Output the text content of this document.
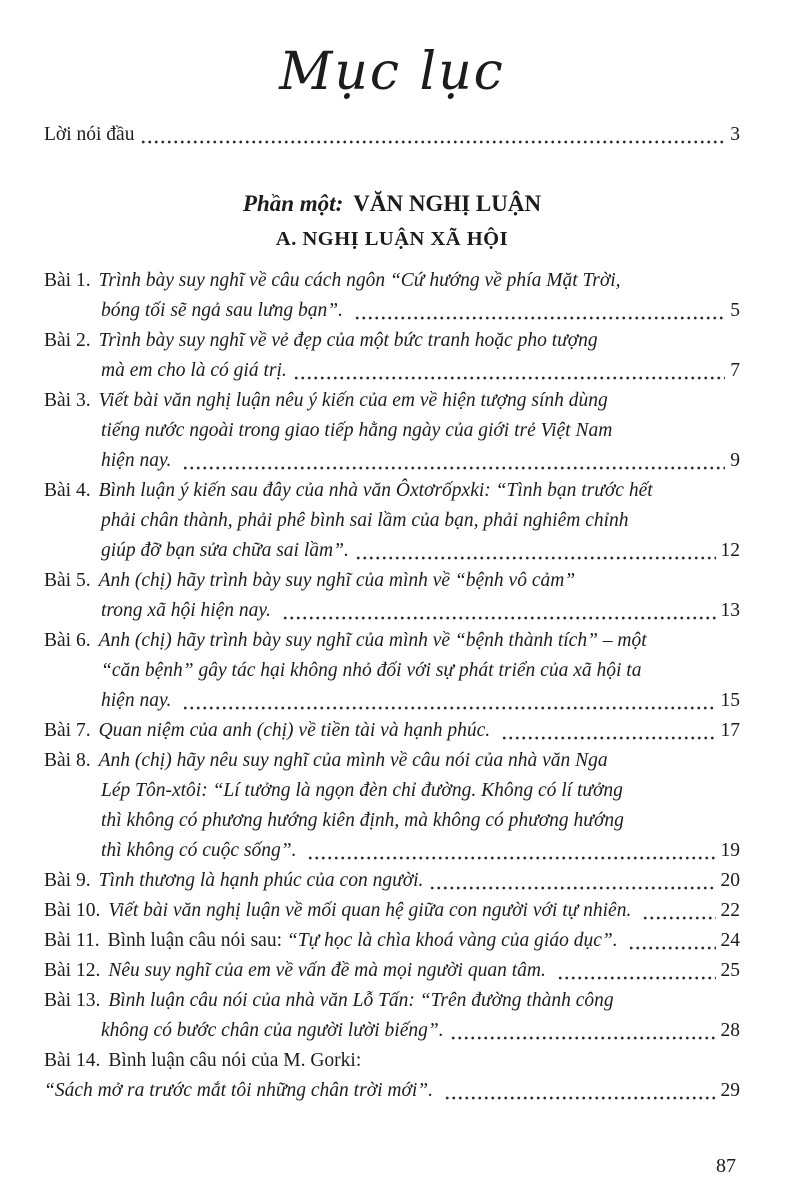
Mục lục
Lời nói đầu	3
Phần một: VĂN NGHỊ LUẬN
A. NGHỊ LUẬN XÃ HỘI
Bài 1. Trình bày suy nghĩ về câu cách ngôn “Cứ hướng về phía Mặt Trời,
bóng tối sẽ ngả sau lưng bạn”.	5
Bài 2. Trình bày suy nghĩ về vẻ đẹp của một bức tranh hoặc pho tượng
mà em cho là có giá trị.	7
Bài 3. Viết bài văn nghị luận nêu ý kiến của em về hiện tượng sính dùng
tiếng nước ngoài trong giao tiếp hằng ngày của giới trẻ Việt Nam
hiện nay.	9
Bài 4. Bình luận ý kiến sau đây của nhà văn Ôxtơrốpxki: “Tình bạn trước hết
phải chân thành, phải phê bình sai lầm của bạn, phải nghiêm chỉnh
giúp đỡ bạn sửa chữa sai lầm”.	12
Bài 5. Anh (chị) hãy trình bày suy nghĩ của mình về “bệnh vô cảm”
trong xã hội hiện nay.	13
Bài 6. Anh (chị) hãy trình bày suy nghĩ của mình về “bệnh thành tích” – một
“căn bệnh” gây tác hại không nhỏ đối với sự phát triển của xã hội ta
hiện nay.	15
Bài 7. Quan niệm của anh (chị) về tiền tài và hạnh phúc.	17
Bài 8. Anh (chị) hãy nêu suy nghĩ của mình về câu nói của nhà văn Nga
Lép Tôn-xtôi: “Lí tưởng là ngọn đèn chỉ đường. Không có lí tưởng
thì không có phương hướng kiên định, mà không có phương hướng
thì không có cuộc sống”.	19
Bài 9. Tình thương là hạnh phúc của con người.	20
Bài 10. Viết bài văn nghị luận về mối quan hệ giữa con người với tự nhiên.	22
Bài 11. Bình luận câu nói sau: “Tự học là chìa khoá vàng của giáo dục”.	24
Bài 12. Nêu suy nghĩ của em về vấn đề mà mọi người quan tâm.	25
Bài 13. Bình luận câu nói của nhà văn Lỗ Tấn: “Trên đường thành công
không có bước chân của người lười biếng”.	28
Bài 14. Bình luận câu nói của M. Gorki:
“Sách mở ra trước mắt tôi những chân trời mới”.	29
87
